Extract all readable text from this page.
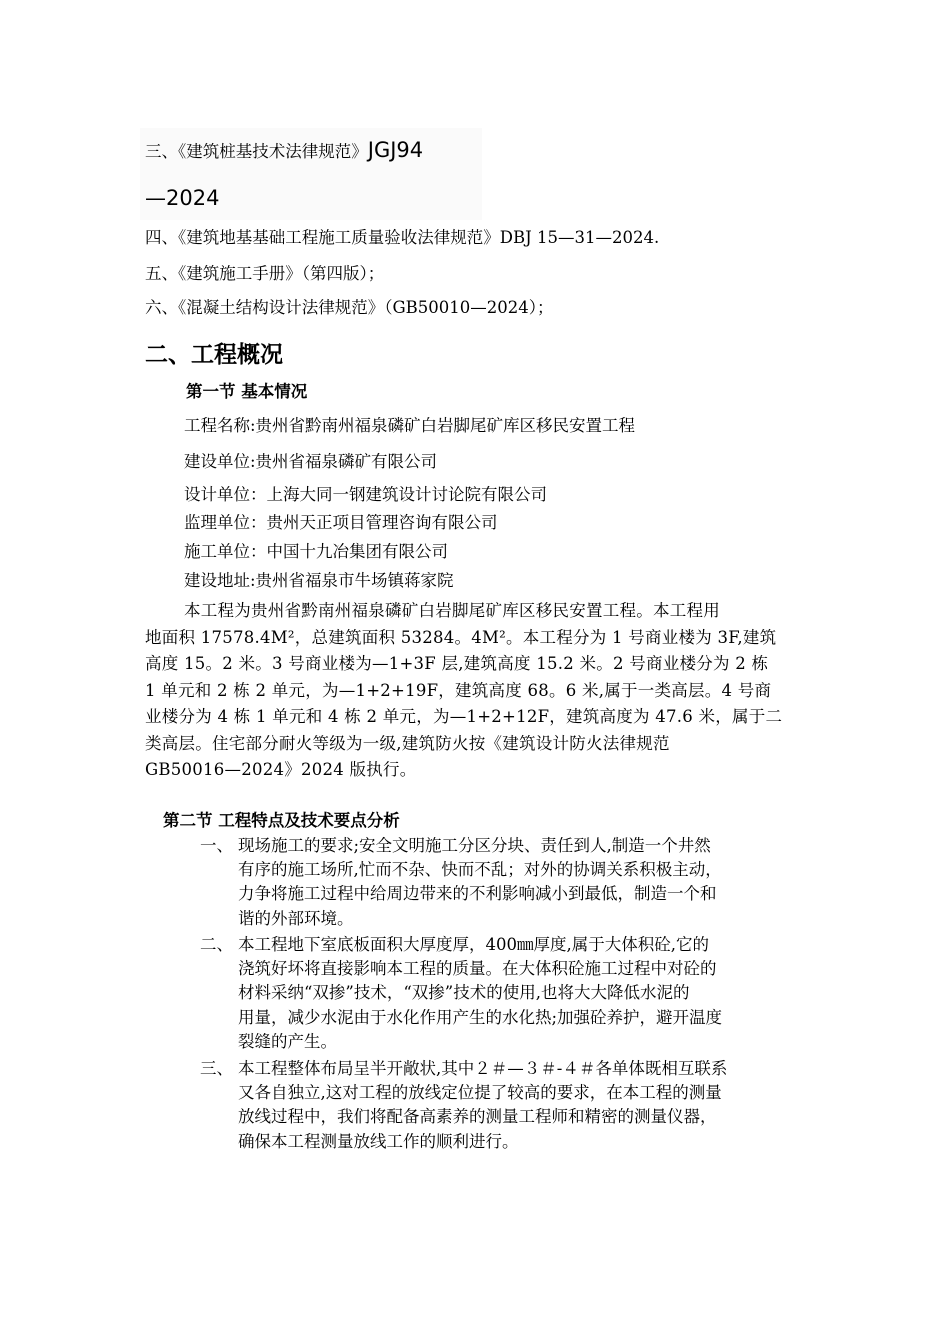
三、《建筑桩基技术法律规范》JGJ94
—2024
四、《建筑地基基础工程施工质量验收法律规范》DBJ 15—31—2024.
五、《建筑施工手册》（第四版）；
六、《混凝土结构设计法律规范》（GB50010—2024）；
二、工程概况
第一节 基本情况
工程名称:贵州省黔南州福泉磷矿白岩脚尾矿库区移民安置工程
建设单位:贵州省福泉磷矿有限公司
设计单位：上海大同一钢建筑设计讨论院有限公司
监理单位：贵州天正项目管理咨询有限公司
施工单位：中国十九冶集团有限公司
建设地址:贵州省福泉市牛场镇蒋家院
本工程为贵州省黔南州福泉磷矿白岩脚尾矿库区移民安置工程。本工程用
地面积 17578.4M²，总建筑面积 53284。4M²。本工程分为 1 号商业楼为 3F,建筑
高度 15。2 米。3 号商业楼为—1+3F 层,建筑高度 15.2 米。2 号商业楼分为 2 栋
1 单元和 2 栋 2 单元，为—1+2+19F，建筑高度 68。6 米,属于一类高层。4 号商
业楼分为 4 栋 1 单元和 4 栋 2 单元，为—1+2+12F，建筑高度为 47.6 米，属于二
类高层。住宅部分耐火等级为一级,建筑防火按《建筑设计防火法律规范
GB50016—2024》2024 版执行。
第二节 工程特点及技术要点分析
一、 现场施工的要求;安全文明施工分区分块、责任到人,制造一个井然
有序的施工场所,忙而不杂、快而不乱；对外的协调关系积极主动，
力争将施工过程中给周边带来的不利影响减小到最低，制造一个和
谐的外部环境。
二、 本工程地下室底板面积大厚度厚，400㎜厚度,属于大体积砼,它的
浇筑好坏将直接影响本工程的质量。在大体积砼施工过程中对砼的
材料采纳“双掺”技术，“双掺”技术的使用,也将大大降低水泥的
用量，减少水泥由于水化作用产生的水化热;加强砼养护，避开温度
裂缝的产生。
三、 本工程整体布局呈半开敞状,其中２＃—３＃-４＃各单体既相互联系
又各自独立,这对工程的放线定位提了较高的要求，在本工程的测量
放线过程中，我们将配备高素养的测量工程师和精密的测量仪器，
确保本工程测量放线工作的顺利进行。
